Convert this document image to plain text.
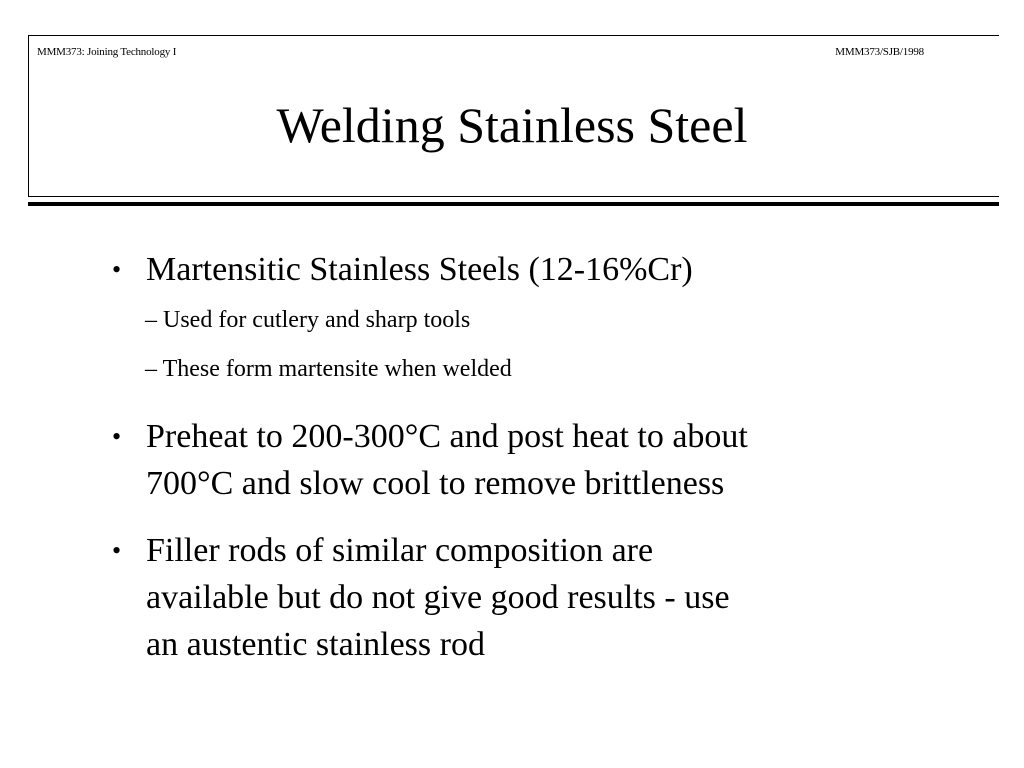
MMM373: Joining Technology I	MMM373/SJB/1998
Welding Stainless Steel
• Martensitic Stainless Steels (12-16%Cr)
– Used for cutlery and sharp tools
– These form martensite when welded
• Preheat to 200-300°C and post heat to about
700°C and slow cool to remove brittleness
• Filler rods of similar composition are
available but do not give good results - use
an austentic stainless rod
